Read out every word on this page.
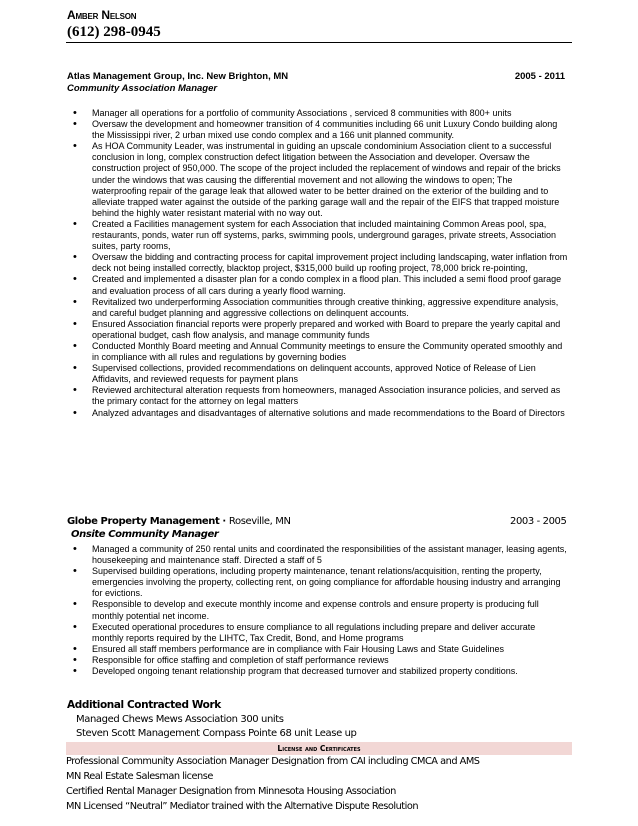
Amber Nelson
(612) 298-0945
Atlas Management Group, Inc. New Brighton, MN	2005 - 2011
Community Association Manager
• Manager all operations for a portfolio of community Associations , serviced 8 communities with 800+ units
• Oversaw the development and homeowner transition of 4 communities including 66 unit Luxury Condo building along the Mississippi river, 2 urban mixed use condo complex and a 166 unit planned community.
• As HOA Community Leader, was instrumental in guiding an upscale condominium Association client to a successful conclusion in long, complex construction defect litigation between the Association and developer. Oversaw the construction project of 950,000. The scope of the project included the replacement of windows and repair of the bricks under the windows that was causing the differential movement and not allowing the windows to open; The waterproofing repair of the garage leak that allowed water to be better drained on the exterior of the building and to alleviate trapped water against the outside of the parking garage wall and the repair of the EIFS that trapped moisture behind the highly water resistant material with no way out.
• Created a Facilities management system for each Association that included maintaining Common Areas pool, spa, restaurants, ponds, water run off systems, parks, swimming pools, underground garages, private streets, Association suites, party rooms,
• Oversaw the bidding and contracting process for capital improvement project including landscaping, water inflation from deck not being installed correctly, blacktop project, $315,000 build up roofing project, 78,000 brick re-pointing,
• Created and implemented a disaster plan for a condo complex in a flood plan. This included a semi flood proof garage and evaluation process of all cars during a yearly flood warning.
• Revitalized two underperforming Association communities through creative thinking, aggressive expenditure analysis, and careful budget planning and aggressive collections on delinquent accounts.
• Ensured Association financial reports were properly prepared and worked with Board to prepare the yearly capital and operational budget, cash flow analysis, and manage community funds
• Conducted Monthly Board meeting and Annual Community meetings to ensure the Community operated smoothly and in compliance with all rules and regulations by governing bodies
• Supervised collections, provided recommendations on delinquent accounts, approved Notice of Release of Lien Affidavits, and reviewed requests for payment plans
• Reviewed architectural alteration requests from homeowners, managed Association insurance policies, and served as the primary contact for the attorney on legal matters
• Analyzed advantages and disadvantages of alternative solutions and made recommendations to the Board of Directors
Globe Property Management · Roseville, MN	2003 - 2005
Onsite Community Manager
• Managed a community of 250 rental units and coordinated the responsibilities of the assistant manager, leasing agents, housekeeping and maintenance staff. Directed a staff of 5
• Supervised building operations, including property maintenance, tenant relations/acquisition, renting the property, emergencies involving the property, collecting rent, on going compliance for affordable housing industry and arranging for evictions.
• Responsible to develop and execute monthly income and expense controls and ensure property is producing full monthly potential net income.
• Executed operational procedures to ensure compliance to all regulations including prepare and deliver accurate monthly reports required by the LIHTC, Tax Credit, Bond, and Home programs
• Ensured all staff members performance are in compliance with Fair Housing Laws and State Guidelines
• Responsible for office staffing and completion of staff performance reviews
• Developed ongoing tenant relationship program that decreased turnover and stabilized property conditions.
Additional Contracted Work
Managed Chews Mews Association 300 units
Steven Scott Management Compass Pointe 68 unit Lease up
License and Certificates
Professional Community Association Manager Designation from CAI including CMCA and AMS
MN Real Estate Salesman license
Certified Rental Manager Designation from Minnesota Housing Association
MN Licensed “Neutral” Mediator trained with the Alternative Dispute Resolution
